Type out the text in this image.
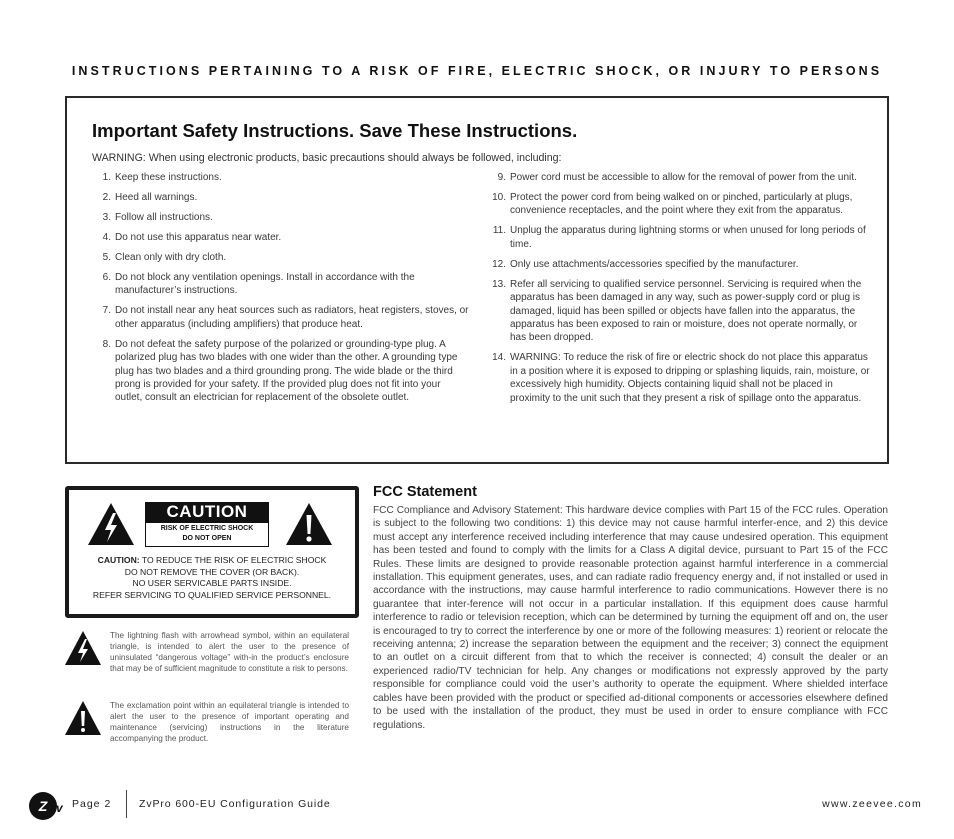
INSTRUCTIONS PERTAINING TO A RISK OF FIRE, ELECTRIC SHOCK, OR INJURY TO PERSONS
Important Safety Instructions. Save These Instructions.
WARNING: When using electronic products, basic precautions should always be followed, including:
1. Keep these instructions.
2. Heed all warnings.
3. Follow all instructions.
4. Do not use this apparatus near water.
5. Clean only with dry cloth.
6. Do not block any ventilation openings. Install in accordance with the manufacturer’s instructions.
7. Do not install near any heat sources such as radiators, heat registers, stoves, or other apparatus (including amplifiers) that produce heat.
8. Do not defeat the safety purpose of the polarized or grounding-type plug. A polarized plug has two blades with one wider than the other. A grounding type plug has two blades and a third grounding prong. The wide blade or the third prong is provided for your safety. If the provided plug does not fit into your outlet, consult an electrician for replacement of the obsolete outlet.
9. Power cord must be accessible to allow for the removal of power from the unit.
10. Protect the power cord from being walked on or pinched, particularly at plugs, convenience receptacles, and the point where they exit from the apparatus.
11. Unplug the apparatus during lightning storms or when unused for long periods of time.
12. Only use attachments/accessories specified by the manufacturer.
13. Refer all servicing to qualified service personnel. Servicing is required when the apparatus has been damaged in any way, such as power-supply cord or plug is damaged, liquid has been spilled or objects have fallen into the apparatus, the apparatus has been exposed to rain or moisture, does not operate normally, or has been dropped.
14. WARNING: To reduce the risk of fire or electric shock do not place this apparatus in a position where it is exposed to dripping or splashing liquids, rain, moisture, or excessively high humidity. Objects containing liquid shall not be placed in proximity to the unit such that they present a risk of spillage onto the apparatus.
CAUTION
RISK OF ELECTRIC SHOCK
DO NOT OPEN
CAUTION: TO REDUCE THE RISK OF ELECTRIC SHOCK
DO NOT REMOVE THE COVER (OR BACK).
NO USER SERVICABLE PARTS INSIDE.
REFER SERVICING TO QUALIFIED SERVICE PERSONNEL.
The lightning flash with arrowhead symbol, within an equilateral triangle, is intended to alert the user to the presence of uninsulated “dangerous voltage” with-in the product’s enclosure that may be of sufficient magnitude to constitute a risk to persons.
The exclamation point within an equilateral triangle is intended to alert the user to the presence of important operating and maintenance (servicing) instructions in the literature accompanying the product.
FCC Statement

FCC Compliance and Advisory Statement: This hardware device complies with Part 15 of the FCC rules. Operation is subject to the following two conditions: 1) this device may not cause harmful interfer-ence, and 2) this device must accept any interference received including interference that may cause undesired operation. This equipment has been tested and found to comply with the limits for a Class A digital device, pursuant to Part 15 of the FCC Rules. These limits are designed to provide reasonable protection against harmful interference in a commercial installation. This equipment generates, uses, and can radiate radio frequency energy and, if not installed or used in accordance with the instructions, may cause harmful interference to radio communications. However there is no guarantee that inter-ference will not occur in a particular installation. If this equipment does cause harmful interference to radio or television reception, which can be determined by turning the equipment off and on, the user is encouraged to try to correct the interference by one or more of the following measures: 1) reorient or relocate the receiving antenna; 2) increase the separation between the equipment and the receiver; 3) connect the equipment to an outlet on a circuit different from that to which the receiver is connected; 4) consult the dealer or an experienced radio/TV technician for help. Any changes or modifications not expressly approved by the party responsible for compliance could void the user’s authority to operate the equipment. Where shielded interface cables have been provided with the product or specified ad-ditional components or accessories elsewhere defined to be used with the installation of the product, they must be used in order to ensure compliance with FCC regulations.

Z v Page 2	ZvPro 600-EU Configuration Guide	www.zeevee.com
